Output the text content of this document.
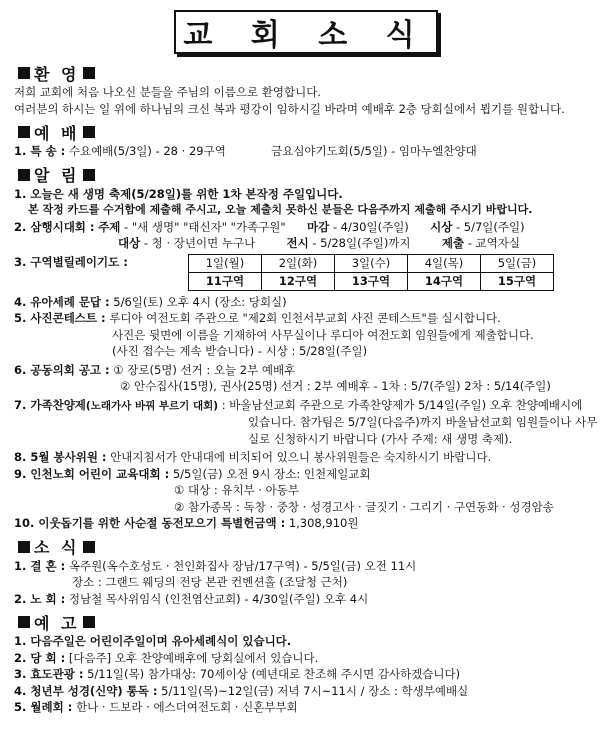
교 회 소 식
환 영
저희 교회에 처음 나오신 분들을 주님의 이름으로 환영합니다.
여러분의 하시는 일 위에 하나님의 크신 복과 평강이 임하시길 바라며 예배후 2층 당회실에서 뵙기를 원합니다.
예 배
1. 특 송 : 수요예배(5/3일) - 28 · 29구역	금요심야기도회(5/5일) - 임마누엘찬양대
알 림
1. 오늘은 새 생명 축제(5/28일)를 위한 1차 본작정 주일입니다.
본 작정 카드를 수거함에 제출해 주시고, 오늘 제출치 못하신 분들은 다음주까지 제출해 주시기 바랍니다.
2. 삼행시대회 : 주제 - "새 생명" "태신자" "가족구원" 마감 - 4/30일(주일) 시상 - 5/7일(주일)
대상 - 청 · 장년이면 누구나	전시 - 5/28일(주일)까지	제출 - 교역자실
3. 구역별릴레이기도 :	1일(월)	2일(화)	3일(수)	4일(목)	5일(금)
11구역	12구역	13구역	14구역	15구역
4. 유아세례 문답 : 5/6일(토) 오후 4시 (장소: 당회실)
5. 사진콘테스트 : 루디아 여전도회 주관으로 "제2회 인천서부교회 사진 콘테스트"를 실시합니다.
사진은 뒷면에 이름을 기재하여 사무실이나 루디아 여전도회 임원들에게 제출합니다.
(사진 접수는 계속 받습니다) - 시상 : 5/28일(주일)
6. 공동의회 공고 : ① 장로(5명) 선거 : 오늘 2부 예배후
② 안수집사(15명), 권사(25명) 선거 : 2부 예배후 - 1차 : 5/7(주일) 2차 : 5/14(주일)
7. 가족찬양제(노래가사 바꿔 부르기 대회) : 바울남선교회 주관으로 가족찬양제가 5/14일(주일) 오후 찬양예배시에
있습니다. 참가팀은 5/7일(다음주)까지 바울남선교회 임원들이나 사무
실로 신청하시기 바랍니다 (가사 주제: 새 생명 축제).
8. 5월 봉사위원 : 안내지침서가 안내대에 비치되어 있으니 봉사위원들은 숙지하시기 바랍니다.
9. 인천노회 어린이 교육대회 : 5/5일(금) 오전 9시 장소: 인천제일교회
① 대상 : 유치부 · 아동부
② 참가종목 : 독창 · 중창 · 성경고사 · 글짓기 · 그리기 · 구연동화 · 성경암송
10. 이웃돕기를 위한 사순절 동전모으기 특별헌금액 : 1,308,910원
소 식
1. 결 혼 : 옥주원(옥수호성도 · 천인화집사 장남/17구역) - 5/5일(금) 오전 11시
장소 : 그랜드 웨딩의 전당 본관 컨벤션홀 (조달청 근처)
2. 노 회 : 정남철 목사위임식 (인천염산교회) - 4/30일(주일) 오후 4시
예 고
1. 다음주일은 어린이주일이며 유아세례식이 있습니다.
2. 당 회 : [다음주] 오후 찬양예배후에 당회실에서 있습니다.
3. 효도관광 : 5/11일(목) 참가대상: 70세이상 (예년대로 찬조해 주시면 감사하겠습니다)
4. 청년부 성경(신약) 통독 : 5/11일(목)~12일(금) 저녁 7시~11시 / 장소 : 학생부예배실
5. 월례회 : 한나 · 드보라 · 에스더여전도회 · 신혼부부회
